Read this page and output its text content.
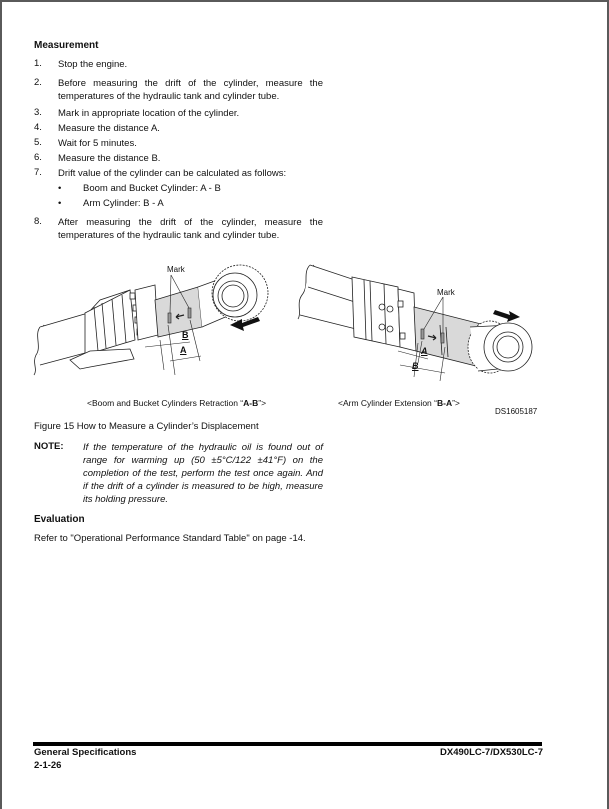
Measurement
1. Stop the engine.
2. Before measuring the drift of the cylinder, measure the temperatures of the hydraulic tank and cylinder tube.
3. Mark in appropriate location of the cylinder.
4. Measure the distance A.
5. Wait for 5 minutes.
6. Measure the distance B.
7. Drift value of the cylinder can be calculated as follows:
• Boom and Bucket Cylinder: A - B
• Arm Cylinder: B - A
8. After measuring the drift of the cylinder, measure the temperatures of the hydraulic tank and cylinder tube.
Mark
B
A
Mark
A
B
<Boom and Bucket Cylinders Retraction “A-B”>	<Arm Cylinder Extension “B-A”>
DS1605187
Figure 15 How to Measure a Cylinder’s Displacement
NOTE: If the temperature of the hydraulic oil is found out of range for warming up (50 ±5°C/122 ±41°F) on the completion of the test, perform the test once again. And if the drift of a cylinder is measured to be high, measure its holding pressure.
Evaluation
Refer to "Operational Performance Standard Table" on page -14.
General Specifications
2-1-26
DX490LC-7/DX530LC-7
